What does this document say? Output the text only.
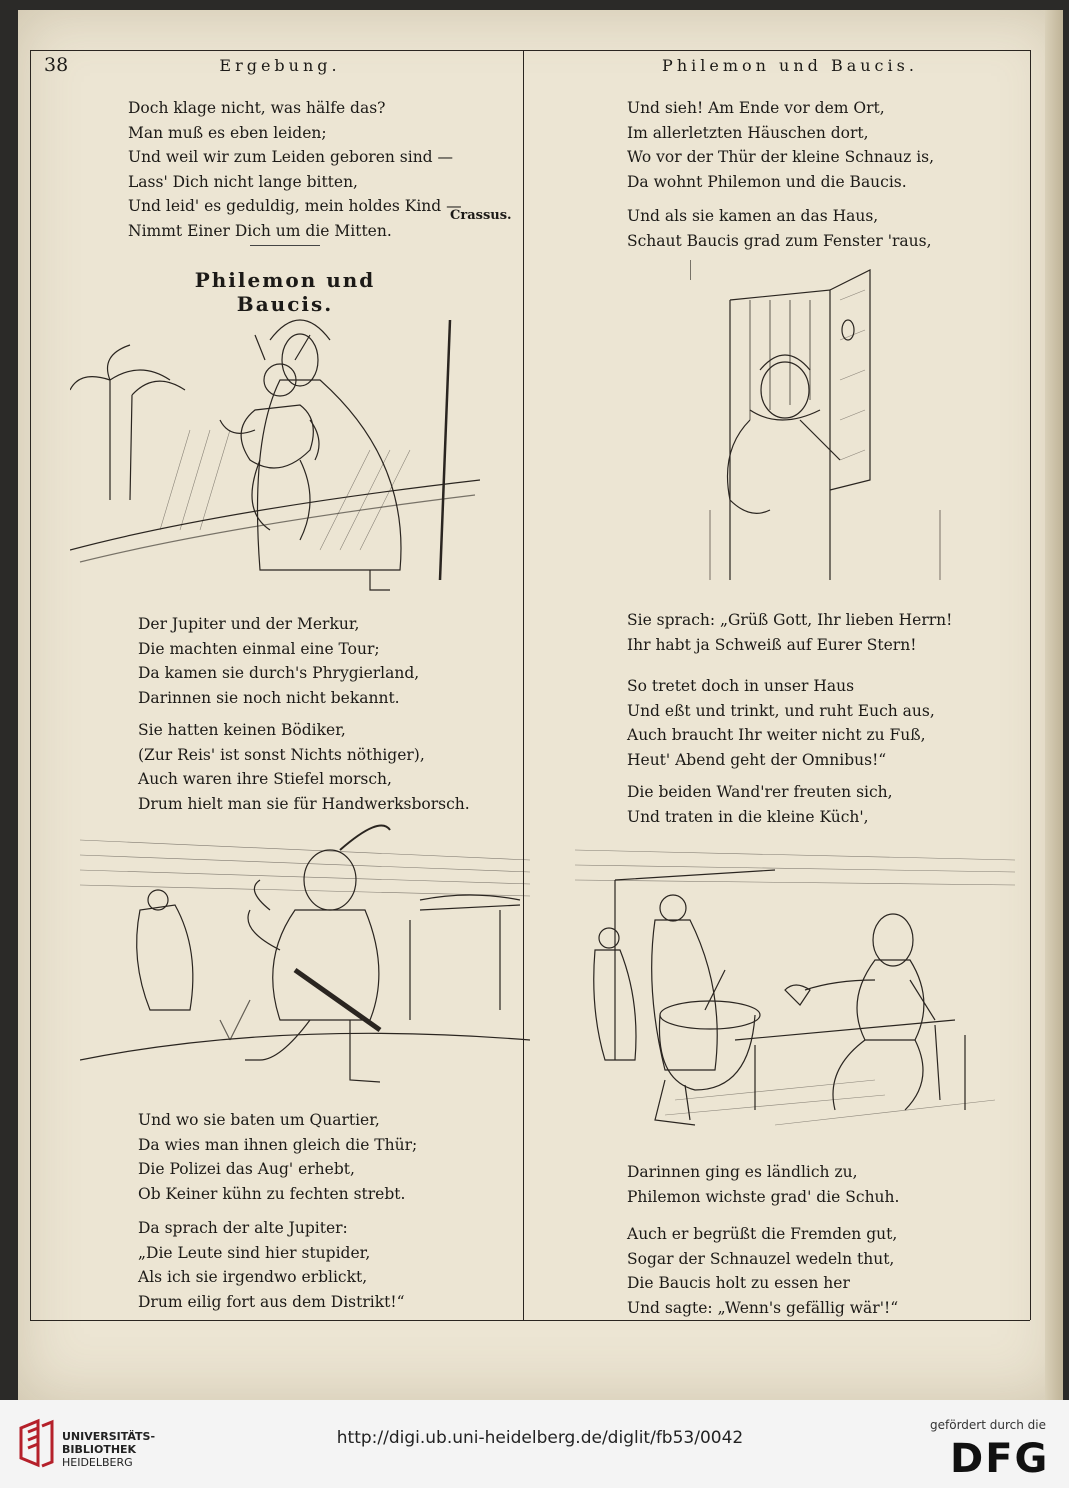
38	Ergebung.	Philemon und Baucis.
Doch klage nicht, was hälfe das?
Man muß es eben leiden;
Und weil wir zum Leiden geboren sind —
Lass' Dich nicht lange bitten,
Und leid' es geduldig, mein holdes Kind —
Nimmt Einer Dich um die Mitten.
Crassus.
Philemon und Baucis.
Der Jupiter und der Merkur,
Die machten einmal eine Tour;
Da kamen sie durch's Phrygierland,
Darinnen sie noch nicht bekannt.
Sie hatten keinen Bödiker,
(Zur Reis' ist sonst Nichts nöthiger),
Auch waren ihre Stiefel morsch,
Drum hielt man sie für Handwerksborsch.
Und wo sie baten um Quartier,
Da wies man ihnen gleich die Thür;
Die Polizei das Aug' erhebt,
Ob Keiner kühn zu fechten strebt.
Da sprach der alte Jupiter:
„Die Leute sind hier stupider,
Als ich sie irgendwo erblickt,
Drum eilig fort aus dem Distrikt!“
Und sieh! Am Ende vor dem Ort,
Im allerletzten Häuschen dort,
Wo vor der Thür der kleine Schnauz is,
Da wohnt Philemon und die Baucis.
Und als sie kamen an das Haus,
Schaut Baucis grad zum Fenster 'raus,
Sie sprach: „Grüß Gott, Ihr lieben Herrn!
Ihr habt ja Schweiß auf Eurer Stern!
So tretet doch in unser Haus
Und eßt und trinkt, und ruht Euch aus,
Auch braucht Ihr weiter nicht zu Fuß,
Heut' Abend geht der Omnibus!“
Die beiden Wand'rer freuten sich,
Und traten in die kleine Küch',
Darinnen ging es ländlich zu,
Philemon wichste grad' die Schuh.
Auch er begrüßt die Fremden gut,
Sogar der Schnauzel wedeln thut,
Die Baucis holt zu essen her
Und sagte: „Wenn's gefällig wär'!“
UNIVERSITÄTS-
BIBLIOTHEK
HEIDELBERG
http://digi.ub.uni-heidelberg.de/diglit/fb53/0042
gefördert durch die
DFG
